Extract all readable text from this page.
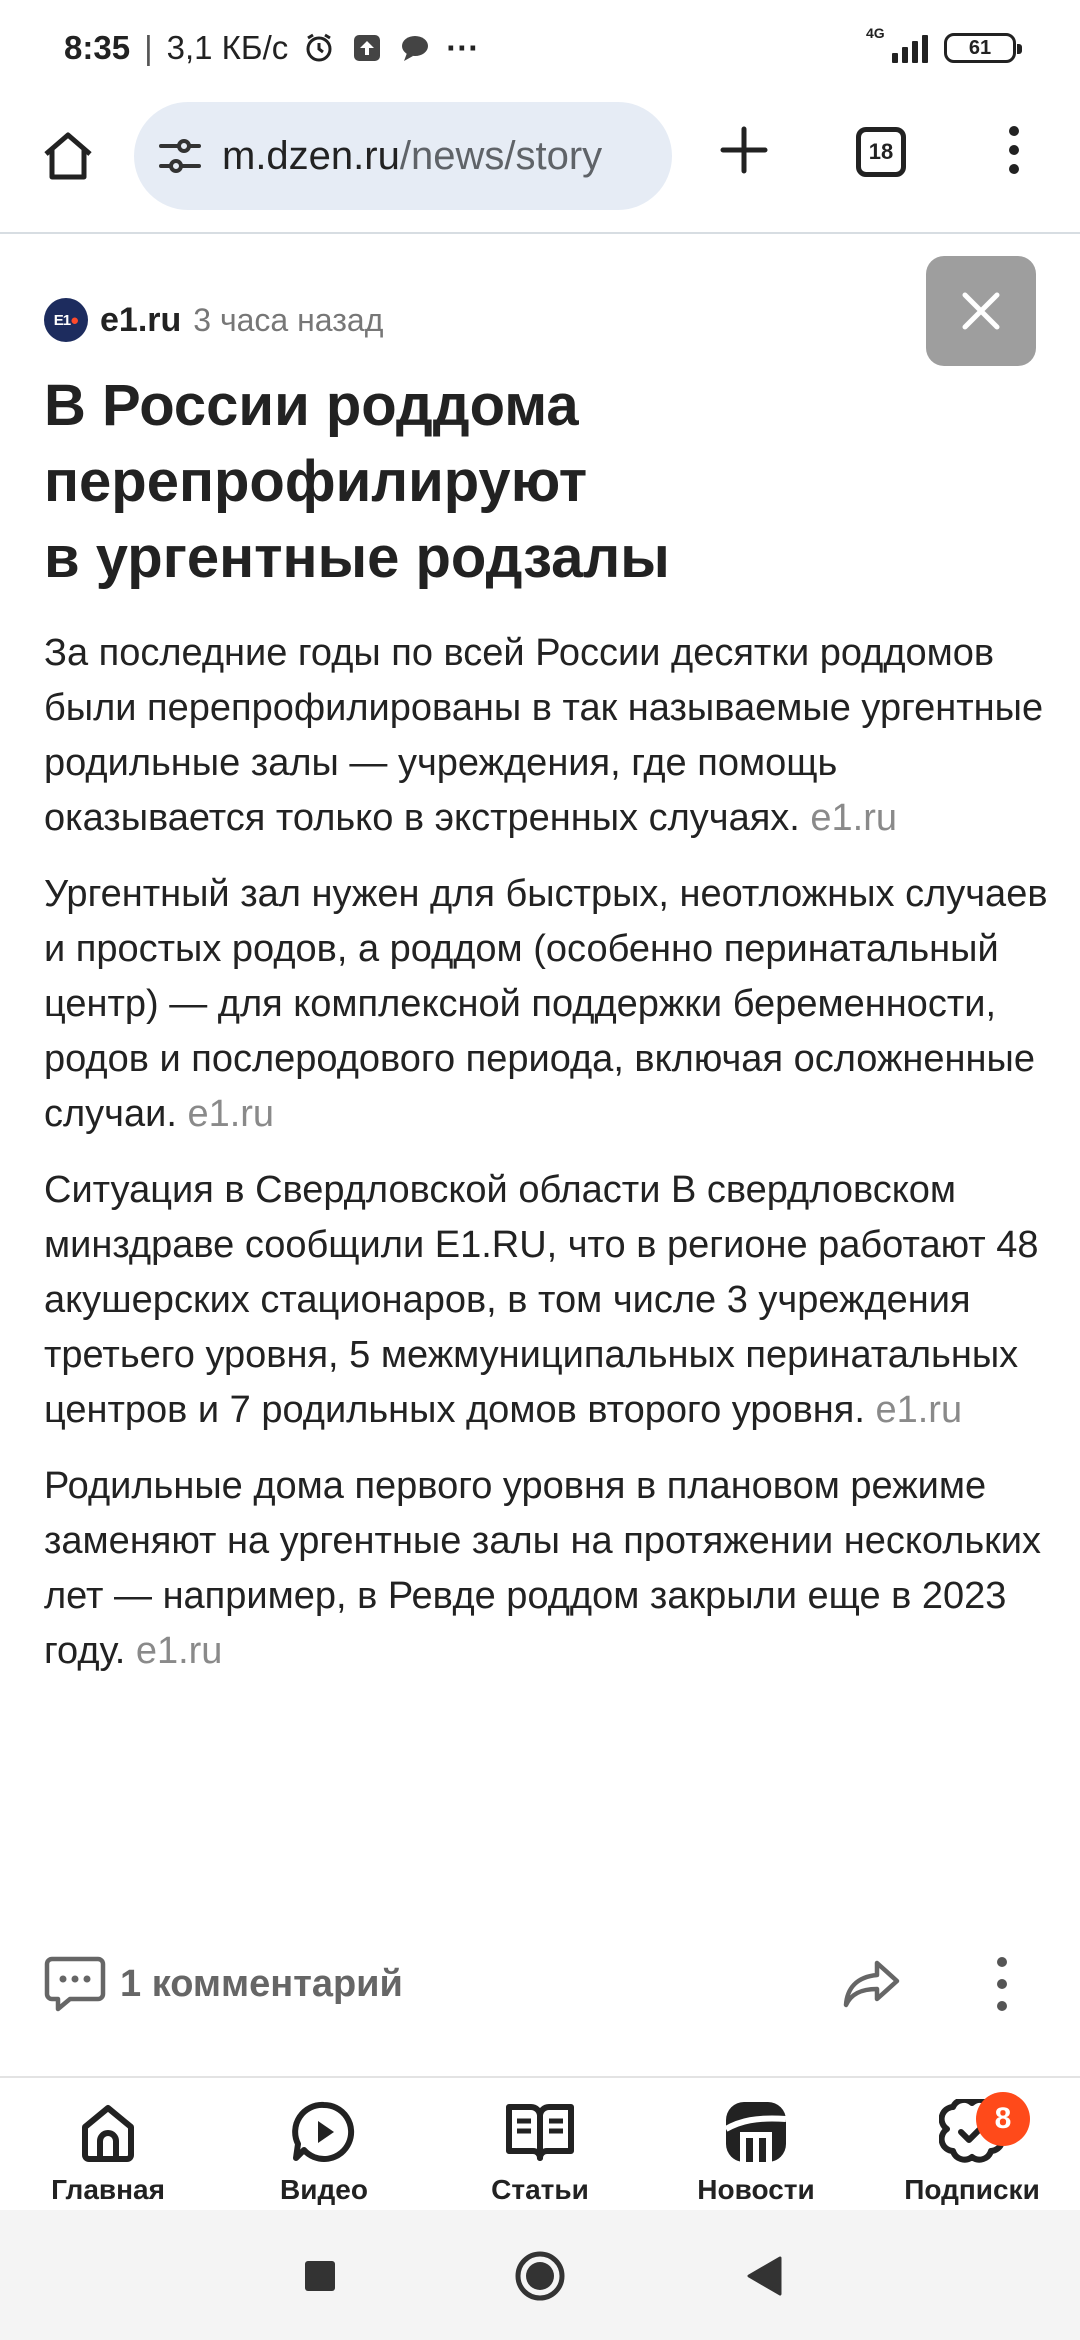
8:35 | 3,1 КБ/с	···	4G
61
m.dzen.ru/news/story	18
E1 ● e1.ru 3 часа назад
В России роддома
перепрофилируют
в ургентные родзалы

За последние годы по всей России десятки роддомов были перепрофилированы в так называемые ургентные родильные залы — учреждения, где помощь оказывается только в экстренных случаях. e1.ru

Ургентный зал нужен для быстрых, неотложных случаев и простых родов, а роддом (особенно перинатальный центр) — для комплексной поддержки беременности, родов и послеродового периода, включая осложненные случаи. e1.ru

Ситуация в Свердловской области В свердловском минздраве сообщили E1.RU, что в регионе работают 48 акушерских стационаров, в том числе 3 учреждения третьего уровня, 5 межмуниципальных перинатальных центров и 7 родильных домов второго уровня. e1.ru

Родильные дома первого уровня в плановом режиме заменяют на ургентные залы на протяжении нескольких лет — например, в Ревде роддом закрыли еще в 2023 году. e1.ru

1 комментарий
Главная	Видео	Статьи	Новости	Подписки
8
